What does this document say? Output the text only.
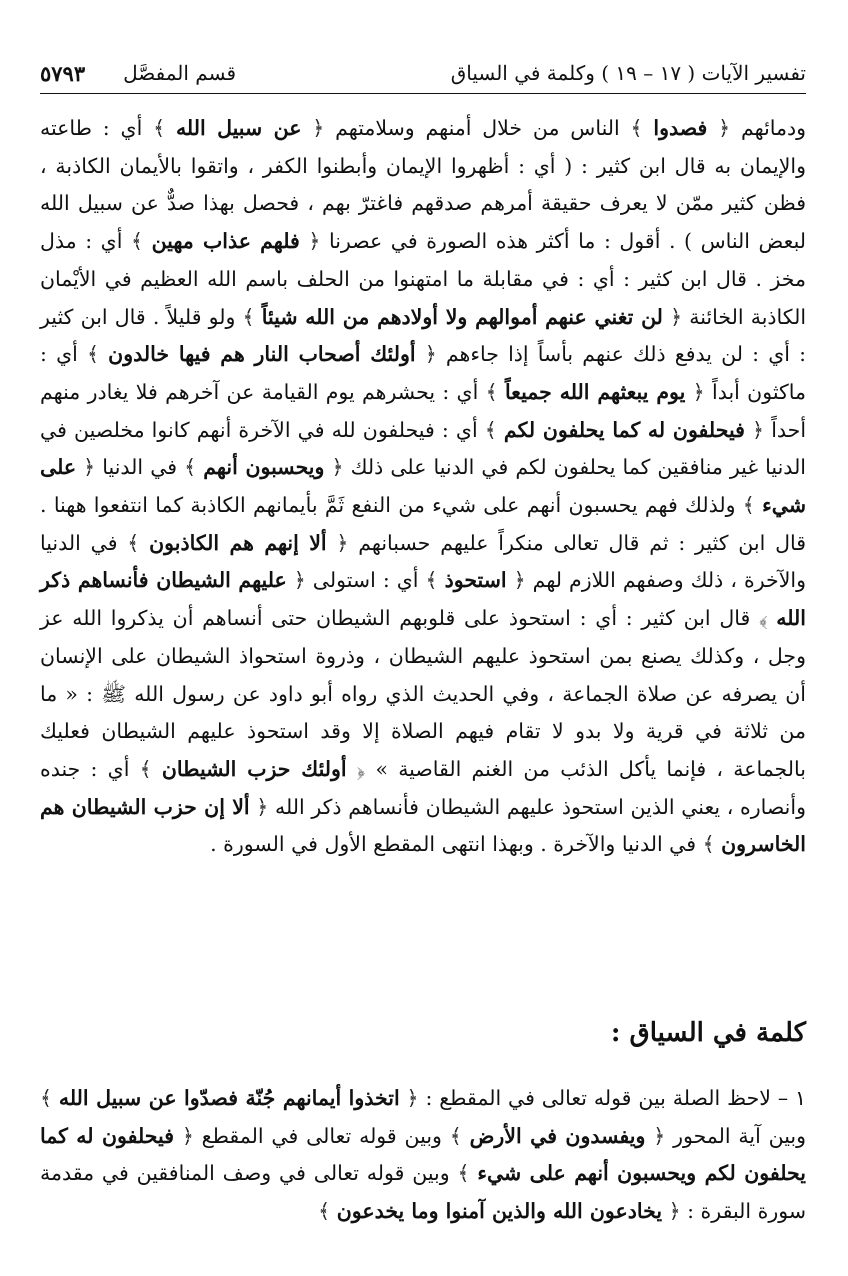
قسم المفصَّل
٥٧٩٣	تفسير الآيات ( ١٧ – ١٩ ) وكلمة في السياق

ودمائهم ﴿ فصدوا ﴾ الناس من خلال أمنهم وسلامتهم ﴿ عن سبيل الله ﴾ أي : طاعته والإيمان به قال ابن كثير : ( أي : أظهروا الإيمان وأبطنوا الكفر ، واتقوا بالأيمان الكاذبة ، فظن كثير ممّن لا يعرف حقيقة أمرهم صدقهم فاغترّ بهم ، فحصل بهذا صدٌّ عن سبيل الله لبعض الناس ) . أقول : ما أكثر هذه الصورة في عصرنا ﴿ فلهم عذاب مهين ﴾ أي : مذل مخز . قال ابن كثير : أي : في مقابلة ما امتهنوا من الحلف باسم الله العظيم في الأيْمان الكاذبة الخائنة ﴿ لن تغني عنهم أموالهم ولا أولادهم من الله شيئاً ﴾ ولو قليلاً . قال ابن كثير : أي : لن يدفع ذلك عنهم بأساً إذا جاءهم ﴿ أولئك أصحاب النار هم فيها خالدون ﴾ أي : ماكثون أبداً ﴿ يوم يبعثهم الله جميعاً ﴾ أي : يحشرهم يوم القيامة عن آخرهم فلا يغادر منهم أحداً ﴿ فيحلفون له كما يحلفون لكم ﴾ أي : فيحلفون لله في الآخرة أنهم كانوا مخلصين في الدنيا غير منافقين كما يحلفون لكم في الدنيا على ذلك ﴿ ويحسبون أنهم ﴾ في الدنيا ﴿ على شيء ﴾ ولذلك فهم يحسبون أنهم على شيء من النفع ثَمَّ بأيمانهم الكاذبة كما انتفعوا ههنا . قال ابن كثير : ثم قال تعالى منكراً عليهم حسبانهم ﴿ ألا إنهم هم الكاذبون ﴾ في الدنيا والآخرة ، ذلك وصفهم اللازم لهم ﴿ استحوذ ﴾ أي : استولى ﴿ عليهم الشيطان فأنساهم ذكر الله ﴾ قال ابن كثير : أي : استحوذ على قلوبهم الشيطان حتى أنساهم أن يذكروا الله عز وجل ، وكذلك يصنع بمن استحوذ عليهم الشيطان ، وذروة استحواذ الشيطان على الإنسان أن يصرفه عن صلاة الجماعة ، وفي الحديث الذي رواه أبو داود عن رسول الله ﷺ : « ما من ثلاثة في قرية ولا بدو لا تقام فيهم الصلاة إلا وقد استحوذ عليهم الشيطان فعليك بالجماعة ، فإنما يأكل الذئب من الغنم القاصية » ﴿ أولئك حزب الشيطان ﴾ أي : جنده وأنصاره ، يعني الذين استحوذ عليهم الشيطان فأنساهم ذكر الله ﴿ ألا إن حزب الشيطان هم الخاسرون ﴾ في الدنيا والآخرة . وبهذا انتهى المقطع الأول في السورة .

كلمة في السياق :

١ – لاحظ الصلة بين قوله تعالى في المقطع : ﴿ اتخذوا أيمانهم جُنّة فصدّوا عن سبيل الله ﴾ وبين آية المحور ﴿ ويفسدون في الأرض ﴾ وبين قوله تعالى في المقطع ﴿ فيحلفون له كما يحلفون لكم ويحسبون أنهم على شيء ﴾ وبين قوله تعالى في وصف المنافقين في مقدمة سورة البقرة : ﴿ يخادعون الله والذين آمنوا وما يخدعون ﴾
